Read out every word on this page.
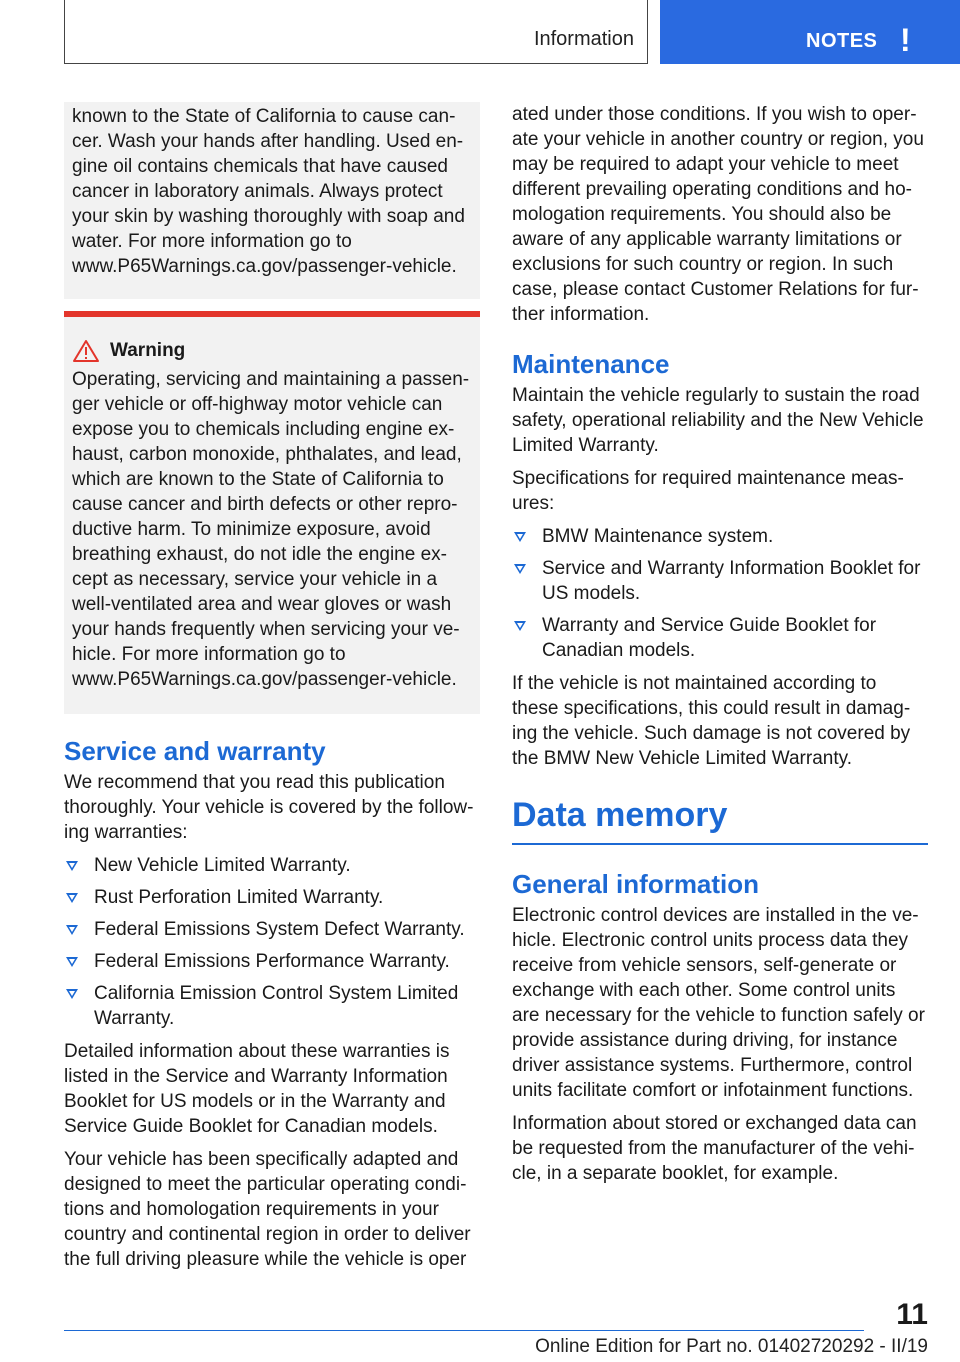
Information	NOTES !

known to the State of California to cause cancer. Wash your hands after handling. Used engine oil contains chemicals that have caused cancer in laboratory animals. Always protect your skin by washing thoroughly with soap and water. For more information go to www.P65Warnings.ca.gov/passenger-vehicle.

Warning

Operating, servicing and maintaining a passenger vehicle or off-highway motor vehicle can expose you to chemicals including engine exhaust, carbon monoxide, phthalates, and lead, which are known to the State of California to cause cancer and birth defects or other reproductive harm. To minimize exposure, avoid breathing exhaust, do not idle the engine except as necessary, service your vehicle in a well-ventilated area and wear gloves or wash your hands frequently when servicing your vehicle. For more information go to www.P65Warnings.ca.gov/passenger-vehicle.

Service and warranty

We recommend that you read this publication thoroughly. Your vehicle is covered by the following warranties:

New Vehicle Limited Warranty.
Rust Perforation Limited Warranty.
Federal Emissions System Defect Warranty.
Federal Emissions Performance Warranty.
California Emission Control System Limited Warranty.

Detailed information about these warranties is listed in the Service and Warranty Information Booklet for US models or in the Warranty and Service Guide Booklet for Canadian models.

Your vehicle has been specifically adapted and designed to meet the particular operating conditions and homologation requirements in your country and continental region in order to deliver the full driving pleasure while the vehicle is oper

ated under those conditions. If you wish to operate your vehicle in another country or region, you may be required to adapt your vehicle to meet different prevailing operating conditions and homologation requirements. You should also be aware of any applicable warranty limitations or exclusions for such country or region. In such case, please contact Customer Relations for further information.

Maintenance

Maintain the vehicle regularly to sustain the road safety, operational reliability and the New Vehicle Limited Warranty.

Specifications for required maintenance measures:

BMW Maintenance system.
Service and Warranty Information Booklet for US models.
Warranty and Service Guide Booklet for Canadian models.

If the vehicle is not maintained according to these specifications, this could result in damaging the vehicle. Such damage is not covered by the BMW New Vehicle Limited Warranty.

Data memory
General information

Electronic control devices are installed in the vehicle. Electronic control units process data they receive from vehicle sensors, self-generate or exchange with each other. Some control units are necessary for the vehicle to function safely or provide assistance during driving, for instance driver assistance systems. Furthermore, control units facilitate comfort or infotainment functions.

Information about stored or exchanged data can be requested from the manufacturer of the vehicle, in a separate booklet, for example.

11
Online Edition for Part no. 01402720292 - II/19
